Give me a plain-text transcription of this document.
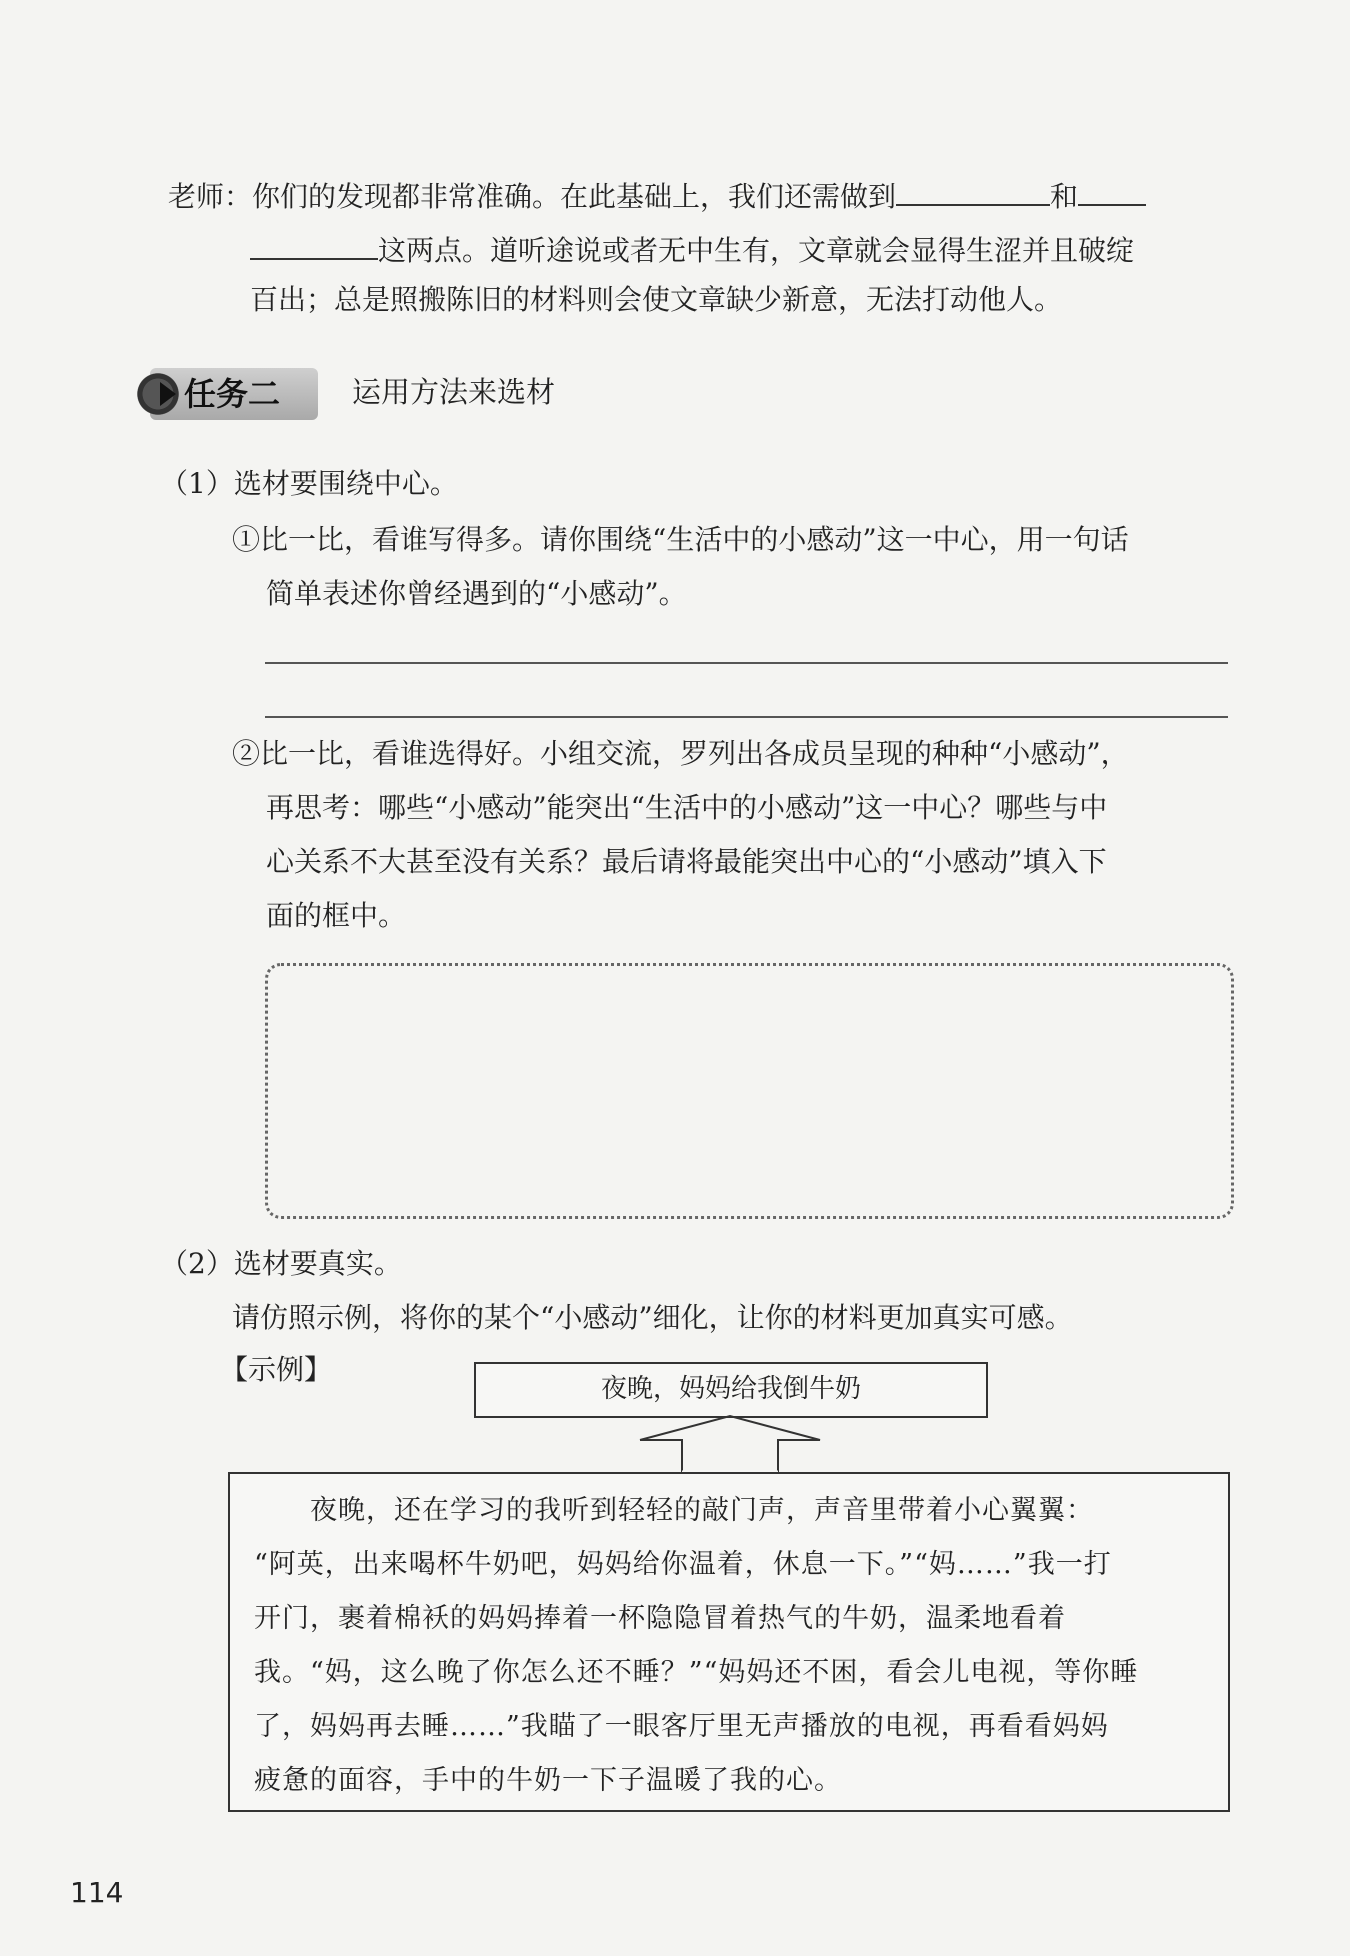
老师：你们的发现都非常准确。在此基础上，我们还需做到	和
这两点。道听途说或者无中生有，文章就会显得生涩并且破绽
百出；总是照搬陈旧的材料则会使文章缺少新意，无法打动他人。
任务二 运用方法来选材
（1）选材要围绕中心。
①比一比，看谁写得多。请你围绕“生活中的小感动”这一中心，用一句话
简单表述你曾经遇到的“小感动”。
②比一比，看谁选得好。小组交流，罗列出各成员呈现的种种“小感动”，
再思考：哪些“小感动”能突出“生活中的小感动”这一中心？哪些与中
心关系不大甚至没有关系？最后请将最能突出中心的“小感动”填入下
面的框中。
（2）选材要真实。
请仿照示例，将你的某个“小感动”细化，让你的材料更加真实可感。
【示例】
夜晚，妈妈给我倒牛奶
　　夜晚，还在学习的我听到轻轻的敲门声，声音里带着小心翼翼：
“阿英，出来喝杯牛奶吧，妈妈给你温着，休息一下。”“妈……”我一打
开门，裹着棉袄的妈妈捧着一杯隐隐冒着热气的牛奶，温柔地看着
我。“妈，这么晚了你怎么还不睡？”“妈妈还不困，看会儿电视，等你睡
了，妈妈再去睡……”我瞄了一眼客厅里无声播放的电视，再看看妈妈
疲惫的面容，手中的牛奶一下子温暖了我的心。
114
